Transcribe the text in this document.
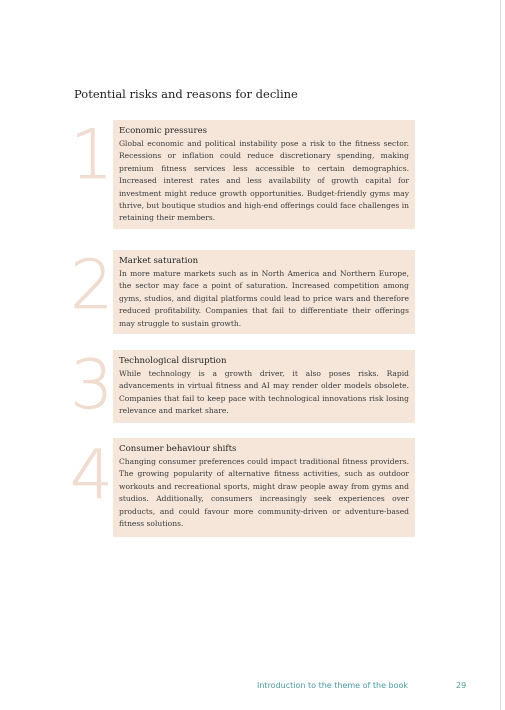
Potential risks and reasons for decline
1 Economic pressures
Global economic and political instability pose a risk to the fitness sector. Recessions or inflation could reduce discretionary spending, making premium fitness services less accessible to certain demographics. Increased interest rates and less availability of growth capital for investment might reduce growth opportunities. Budget-friendly gyms may thrive, but boutique studios and high-end offerings could face challenges in retaining their members.
2 Market saturation
In more mature markets such as in North America and Northern Europe, the sector may face a point of saturation. Increased competition among gyms, studios, and digital platforms could lead to price wars and therefore reduced profitability. Companies that fail to differentiate their offerings may struggle to sustain growth.
3 Technological disruption
While technology is a growth driver, it also poses risks. Rapid advancements in virtual fitness and AI may render older models obsolete. Companies that fail to keep pace with technological innovations risk losing relevance and market share.
4 Consumer behaviour shifts
Changing consumer preferences could impact traditional fitness providers. The growing popularity of alternative fitness activities, such as outdoor workouts and recreational sports, might draw people away from gyms and studios. Additionally, consumers increasingly seek experiences over products, and could favour more community-driven or adventure-based fitness solutions.
Introduction to the theme of the book	29
